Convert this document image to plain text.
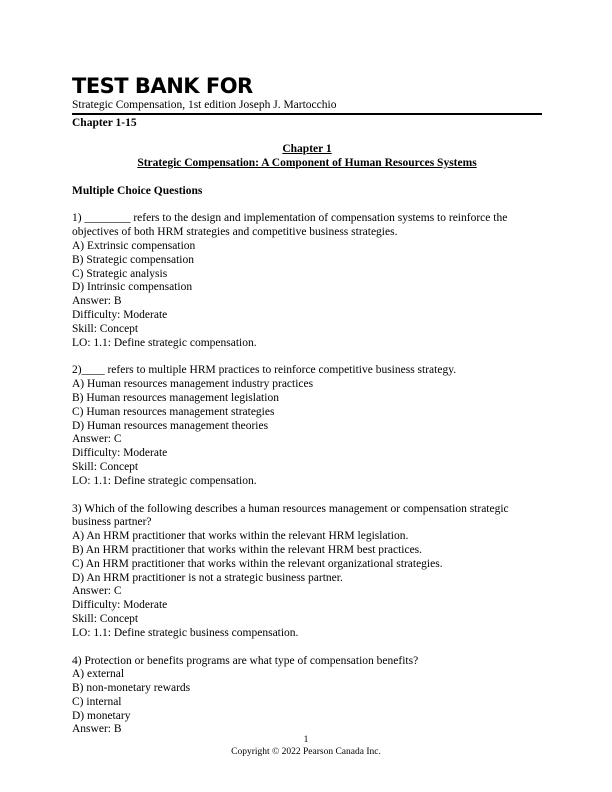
TEST BANK FOR
Strategic Compensation, 1st edition Joseph J. Martocchio
Chapter 1-15
Chapter 1
Strategic Compensation: A Component of Human Resources Systems
Multiple Choice Questions
1) ________ refers to the design and implementation of compensation systems to reinforce the objectives of both HRM strategies and competitive business strategies.
A) Extrinsic compensation
B) Strategic compensation
C) Strategic analysis
D) Intrinsic compensation
Answer: B
Difficulty: Moderate
Skill: Concept
LO: 1.1: Define strategic compensation.
2)____ refers to multiple HRM practices to reinforce competitive business strategy.
A) Human resources management industry practices
B) Human resources management legislation
C) Human resources management strategies
D) Human resources management theories
Answer: C
Difficulty: Moderate
Skill: Concept
LO: 1.1: Define strategic compensation.
3) Which of the following describes a human resources management or compensation strategic business partner?
A) An HRM practitioner that works within the relevant HRM legislation.
B) An HRM practitioner that works within the relevant HRM best practices.
C) An HRM practitioner that works within the relevant organizational strategies.
D) An HRM practitioner is not a strategic business partner.
Answer: C
Difficulty: Moderate
Skill: Concept
LO: 1.1: Define strategic business compensation.
4) Protection or benefits programs are what type of compensation benefits?
A) external
B) non-monetary rewards
C) internal
D) monetary
Answer: B
1
Copyright © 2022 Pearson Canada Inc.
